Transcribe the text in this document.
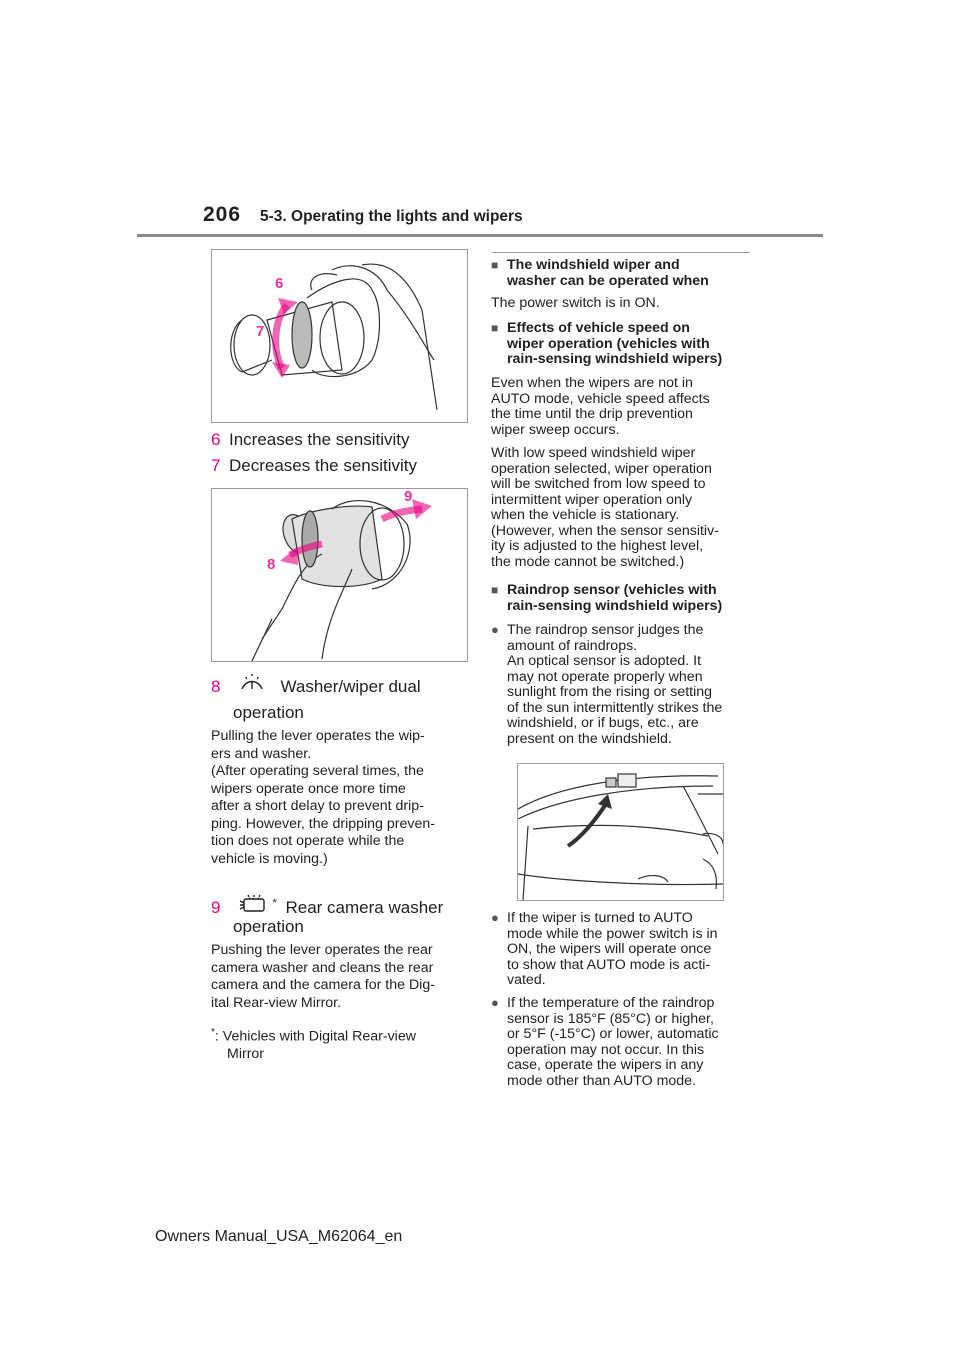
206 5-3. Operating the lights and wipers
6
7
6 Increases the sensitivity
7 Decreases the sensitivity
9
8
8	Washer/wiper dual
operation
Pulling the lever operates the wip-
ers and washer.
(After operating several times, the
wipers operate once more time
after a short delay to prevent drip-
ping. However, the dripping preven-
tion does not operate while the
vehicle is moving.)
9	* Rear camera washer
operation
Pushing the lever operates the rear
camera washer and cleans the rear
camera and the camera for the Dig-
ital Rear-view Mirror.
*: Vehicles with Digital Rear-view
Mirror
■ The windshield wiper and
washer can be operated when
The power switch is in ON.
■ Effects of vehicle speed on
wiper operation (vehicles with
rain-sensing windshield wipers)
Even when the wipers are not in
AUTO mode, vehicle speed affects
the time until the drip prevention
wiper sweep occurs.
With low speed windshield wiper
operation selected, wiper operation
will be switched from low speed to
intermittent wiper operation only
when the vehicle is stationary.
(However, when the sensor sensitiv-
ity is adjusted to the highest level,
the mode cannot be switched.)
■ Raindrop sensor (vehicles with
rain-sensing windshield wipers)
● The raindrop sensor judges the
amount of raindrops.
An optical sensor is adopted. It
may not operate properly when
sunlight from the rising or setting
of the sun intermittently strikes the
windshield, or if bugs, etc., are
present on the windshield.
● If the wiper is turned to AUTO
mode while the power switch is in
ON, the wipers will operate once
to show that AUTO mode is acti-
vated.
● If the temperature of the raindrop
sensor is 185°F (85°C) or higher,
or 5°F (-15°C) or lower, automatic
operation may not occur. In this
case, operate the wipers in any
mode other than AUTO mode.
Owners Manual_USA_M62064_en
